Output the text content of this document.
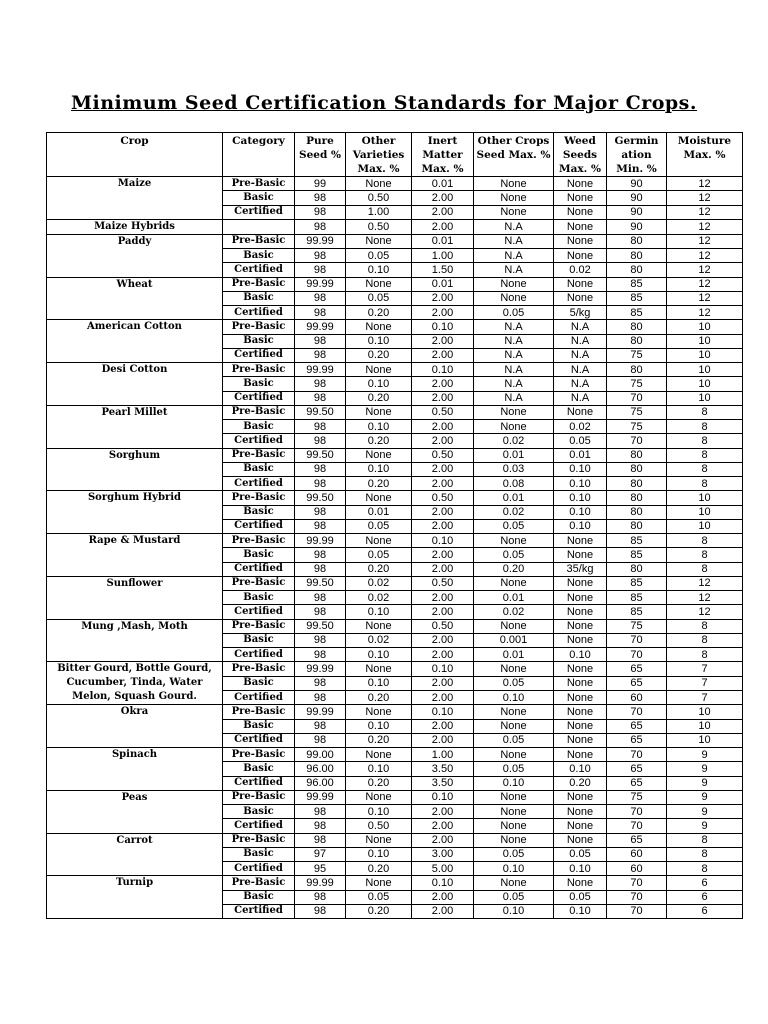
Minimum Seed Certification Standards for Major Crops.
Crop	Category	Pure Seed %	Other Varieties Max. %	Inert Matter Max. %	Other Crops Seed Max. %	Weed Seeds Max. %	Germin ation Min. %	Moisture Max. %
Maize	Pre-Basic	99	None	0.01	None	None	90	12
	Basic	98	0.50	2.00	None	None	90	12
	Certified	98	1.00	2.00	None	None	90	12
Maize Hybrids		98	0.50	2.00	N.A	None	90	12
Paddy	Pre-Basic	99.99	None	0.01	N.A	None	80	12
	Basic	98	0.05	1.00	N.A	None	80	12
	Certified	98	0.10	1.50	N.A	0.02	80	12
Wheat	Pre-Basic	99.99	None	0.01	None	None	85	12
	Basic	98	0.05	2.00	None	None	85	12
	Certified	98	0.20	2.00	0.05	5/kg	85	12
American Cotton	Pre-Basic	99.99	None	0.10	N.A	N.A	80	10
	Basic	98	0.10	2.00	N.A	N.A	80	10
	Certified	98	0.20	2.00	N.A	N.A	75	10
Desi Cotton	Pre-Basic	99.99	None	0.10	N.A	N.A	80	10
	Basic	98	0.10	2.00	N.A	N.A	75	10
	Certified	98	0.20	2.00	N.A	N.A	70	10
Pearl Millet	Pre-Basic	99.50	None	0.50	None	None	75	8
	Basic	98	0.10	2.00	None	0.02	75	8
	Certified	98	0.20	2.00	0.02	0.05	70	8
Sorghum	Pre-Basic	99.50	None	0.50	0.01	0.01	80	8
	Basic	98	0.10	2.00	0.03	0.10	80	8
	Certified	98	0.20	2.00	0.08	0.10	80	8
Sorghum Hybrid	Pre-Basic	99.50	None	0.50	0.01	0.10	80	10
	Basic	98	0.01	2.00	0.02	0.10	80	10
	Certified	98	0.05	2.00	0.05	0.10	80	10
Rape & Mustard	Pre-Basic	99.99	None	0.10	None	None	85	8
	Basic	98	0.05	2.00	0.05	None	85	8
	Certified	98	0.20	2.00	0.20	35/kg	80	8
Sunflower	Pre-Basic	99.50	0.02	0.50	None	None	85	12
	Basic	98	0.02	2.00	0.01	None	85	12
	Certified	98	0.10	2.00	0.02	None	85	12
Mung ,Mash, Moth	Pre-Basic	99.50	None	0.50	None	None	75	8
	Basic	98	0.02	2.00	0.001	None	70	8
	Certified	98	0.10	2.00	0.01	0.10	70	8
Bitter Gourd, Bottle Gourd, Cucumber, Tinda, Water Melon, Squash Gourd.	Pre-Basic	99.99	None	0.10	None	None	65	7
	Basic	98	0.10	2.00	0.05	None	65	7
	Certified	98	0.20	2.00	0.10	None	60	7
Okra	Pre-Basic	99.99	None	0.10	None	None	70	10
	Basic	98	0.10	2.00	None	None	65	10
	Certified	98	0.20	2.00	0.05	None	65	10
Spinach	Pre-Basic	99.00	None	1.00	None	None	70	9
	Basic	96.00	0.10	3.50	0.05	0.10	65	9
	Certified	96.00	0.20	3.50	0.10	0.20	65	9
Peas	Pre-Basic	99.99	None	0.10	None	None	75	9
	Basic	98	0.10	2.00	None	None	70	9
	Certified	98	0.50	2.00	None	None	70	9
Carrot	Pre-Basic	98	None	2.00	None	None	65	8
	Basic	97	0.10	3.00	0.05	0.05	60	8
	Certified	95	0.20	5.00	0.10	0.10	60	8
Turnip	Pre-Basic	99.99	None	0.10	None	None	70	6
	Basic	98	0.05	2.00	0.05	0.05	70	6
	Certified	98	0.20	2.00	0.10	0.10	70	6
